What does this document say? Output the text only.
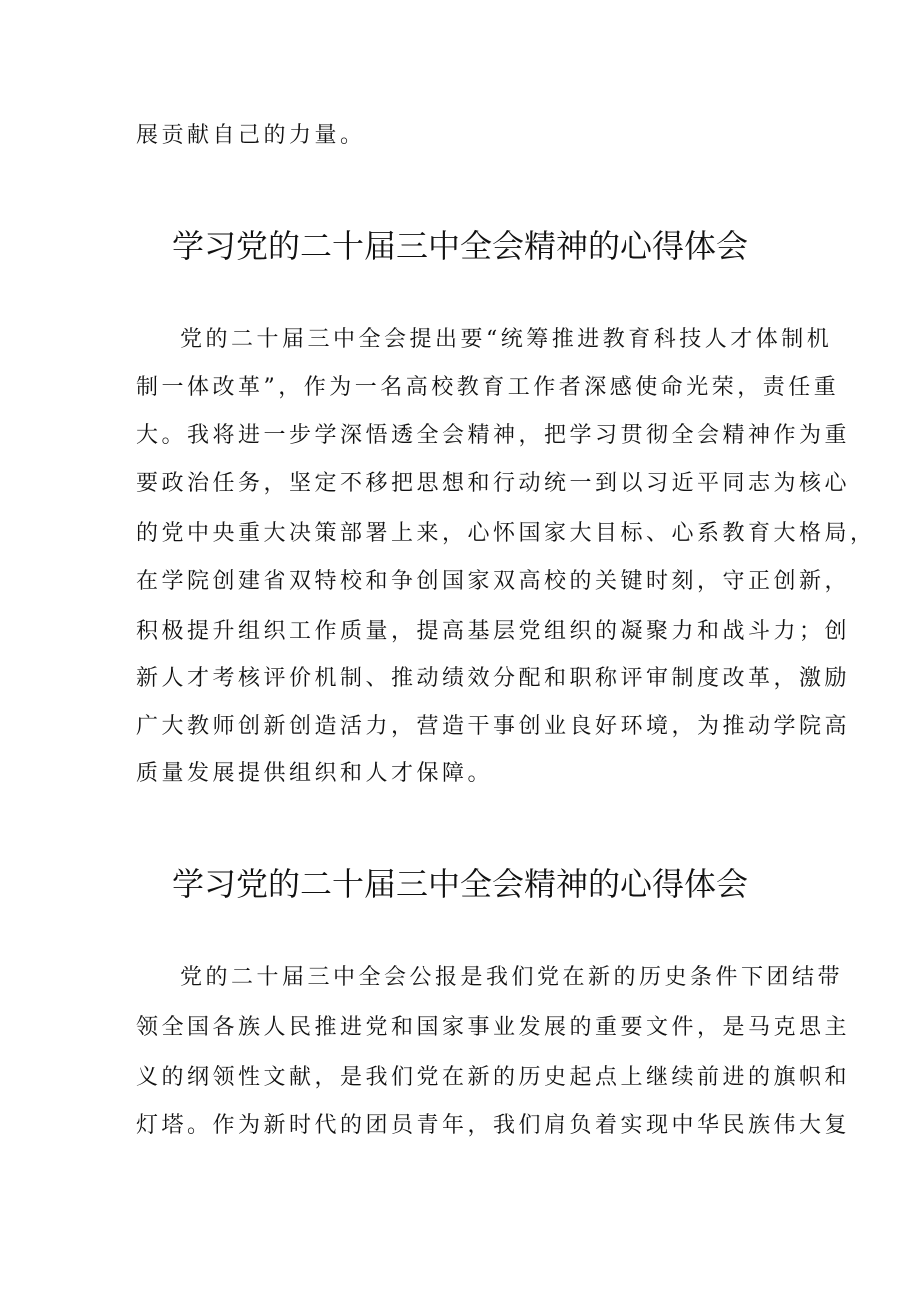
展贡献自己的力量。
学习党的二十届三中全会精神的心得体会
党的二十届三中全会提出要“统筹推进教育科技人才体制机
制一体改革”，作为一名高校教育工作者深感使命光荣，责任重
大。我将进一步学深悟透全会精神，把学习贯彻全会精神作为重
要政治任务，坚定不移把思想和行动统一到以习近平同志为核心
的党中央重大决策部署上来，心怀国家大目标、心系教育大格局，
在学院创建省双特校和争创国家双高校的关键时刻，守正创新，
积极提升组织工作质量，提高基层党组织的凝聚力和战斗力；创
新人才考核评价机制、推动绩效分配和职称评审制度改革，激励
广大教师创新创造活力，营造干事创业良好环境，为推动学院高
质量发展提供组织和人才保障。
学习党的二十届三中全会精神的心得体会
党的二十届三中全会公报是我们党在新的历史条件下团结带
领全国各族人民推进党和国家事业发展的重要文件，是马克思主
义的纲领性文献，是我们党在新的历史起点上继续前进的旗帜和
灯塔。作为新时代的团员青年，我们肩负着实现中华民族伟大复
